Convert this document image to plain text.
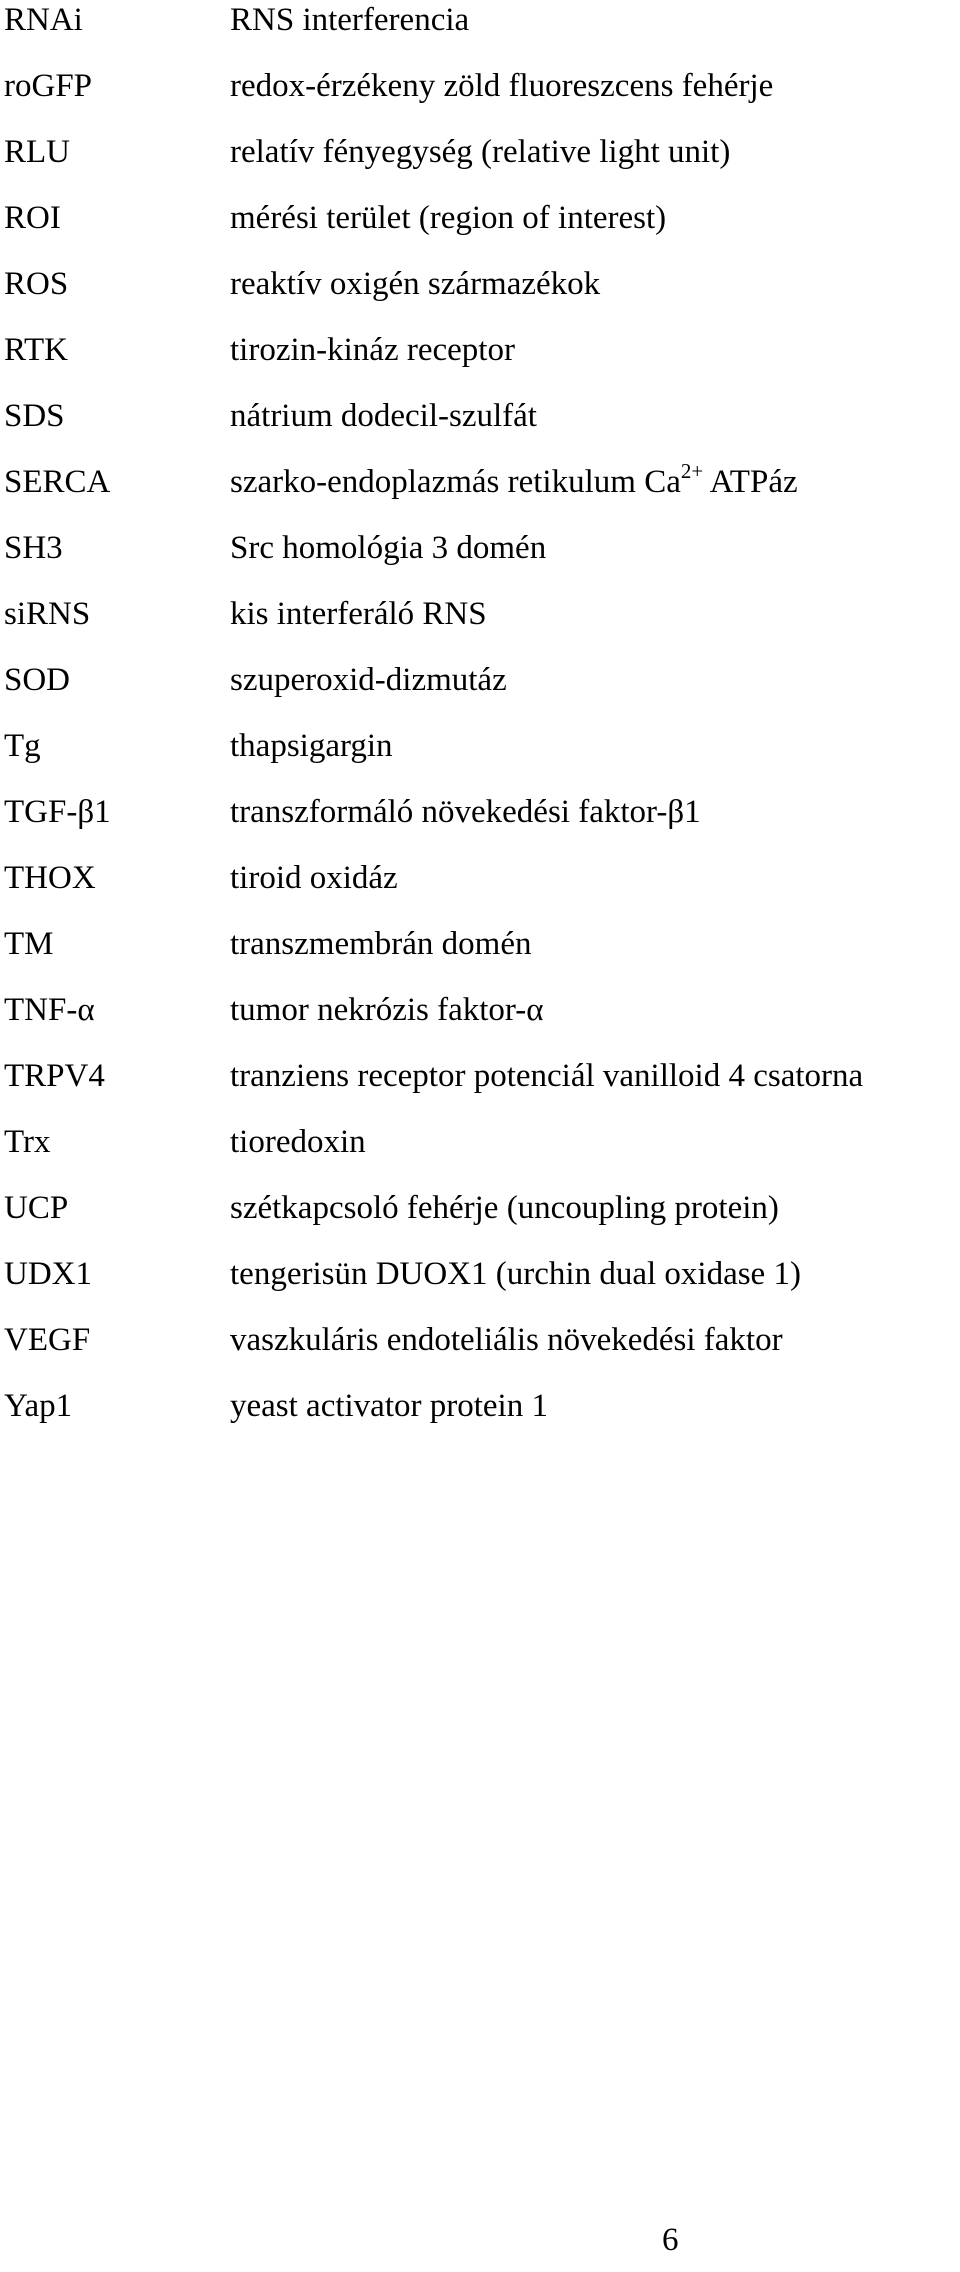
RNAi	RNS interferencia
roGFP	redox-érzékeny zöld fluoreszcens fehérje
RLU	relatív fényegység (relative light unit)
ROI	mérési terület (region of interest)
ROS	reaktív oxigén származékok
RTK	tirozin-kináz receptor
SDS	nátrium dodecil-szulfát
SERCA	szarko-endoplazmás retikulum $Ca^{2+}$ ATPáz
SH3	Src homológia 3 domén
siRNS	kis interferáló RNS
SOD	szuperoxid-dizmutáz
Tg	thapsigargin
TGF-β1	transzformáló növekedési faktor-β1
THOX	tiroid oxidáz
TM	transzmembrán domén
TNF-α	tumor nekrózis faktor-α
TRPV4	tranziens receptor potenciál vanilloid 4 csatorna
Trx	tioredoxin
UCP	szétkapcsoló fehérje (uncoupling protein)
UDX1	tengerisün DUOX1 (urchin dual oxidase 1)
VEGF	vaszkuláris endoteliális növekedési faktor
Yap1	yeast activator protein 1
6
